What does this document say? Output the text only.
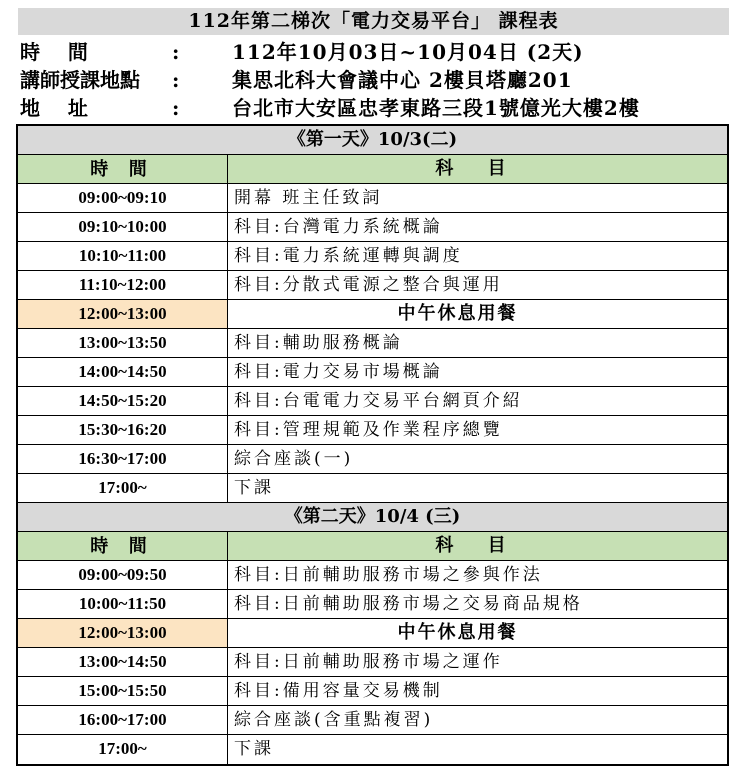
112年第二梯次「電力交易平台」 課程表
時    間	:	112年10月03日~10月04日 (2天)
講師授課地點 :	集思北科大會議中心 2樓貝塔廳201
地    址	:	台北市大安區忠孝東路三段1號億光大樓2樓
《第一天》10/3(二)
時 間	科 目
09:00~09:10	開幕 班主任致詞
09:10~10:00	科目:台灣電力系統概論
10:10~11:00	科目:電力系統運轉與調度
11:10~12:00	科目:分散式電源之整合與運用
12:00~13:00	中午休息用餐
13:00~13:50	科目:輔助服務概論
14:00~14:50	科目:電力交易市場概論
14:50~15:20	科目:台電電力交易平台網頁介紹
15:30~16:20	科目:管理規範及作業程序總覽
16:30~17:00	綜合座談(一)
17:00~	下課
《第二天》10/4 (三)
時 間	科 目
09:00~09:50	科目:日前輔助服務市場之參與作法
10:00~11:50	科目:日前輔助服務市場之交易商品規格
12:00~13:00	中午休息用餐
13:00~14:50	科目:日前輔助服務市場之運作
15:00~15:50	科目:備用容量交易機制
16:00~17:00	綜合座談(含重點複習)
17:00~	下課
